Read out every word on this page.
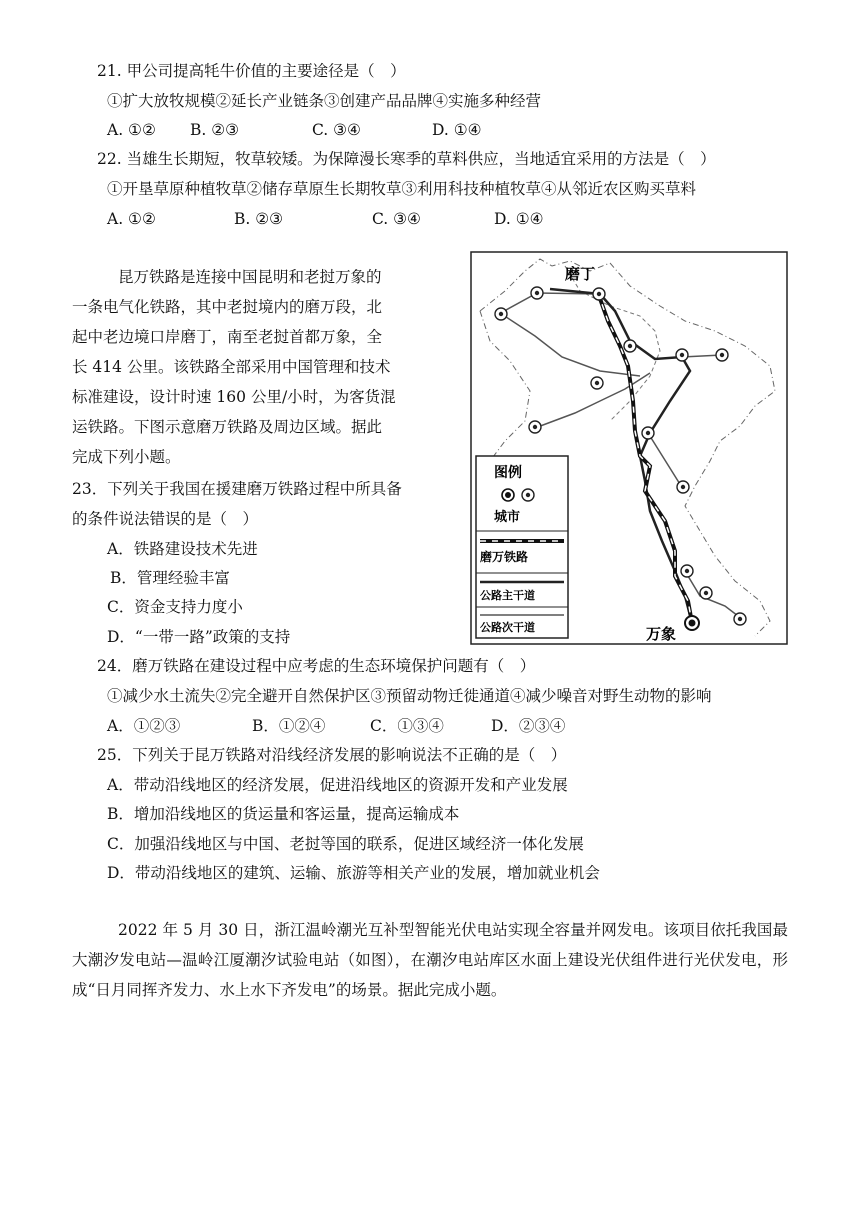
21. 甲公司提高牦牛价值的主要途径是（　）
①扩大放牧规模②延长产业链条③创建产品品牌④实施多种经营
A. ①② B. ②③	C. ③④	D. ①④
22. 当雄生长期短，牧草较矮。为保障漫长寒季的草料供应，当地适宜采用的方法是（　）
①开垦草原种植牧草②储存草原生长期牧草③利用科技种植牧草④从邻近农区购买草料
A. ①②	B. ②③	C. ③④	D. ①④

昆万铁路是连接中国昆明和老挝万象的

一条电气化铁路，其中老挝境内的磨万段，北

起中老边境口岸磨丁，南至老挝首都万象，全

长 414 公里。该铁路全部采用中国管理和技术

标准建设，设计时速 160 公里/小时，为客货混

运铁路。下图示意磨万铁路及周边区域。据此

完成下列小题。

磨丁
万象
图例
城市
磨万铁路
公路主干道
公路次干道
23．下列关于我国在援建磨万铁路过程中所具备
的条件说法错误的是（　）
A．铁路建设技术先进
B．管理经验丰富
C．资金支持力度小
D．“一带一路”政策的支持
24．磨万铁路在建设过程中应考虑的生态环境保护问题有（　）
①减少水土流失②完全避开自然保护区③预留动物迁徙通道④减少噪音对野生动物的影响
A．①②③	B．①②④	C．①③④	D．②③④
25．下列关于昆万铁路对沿线经济发展的影响说法不正确的是（　）
A．带动沿线地区的经济发展，促进沿线地区的资源开发和产业发展
B．增加沿线地区的货运量和客运量，提高运输成本
C．加强沿线地区与中国、老挝等国的联系，促进区域经济一体化发展
D．带动沿线地区的建筑、运输、旅游等相关产业的发展，增加就业机会
2022 年 5 月 30 日，浙江温岭潮光互补型智能光伏电站实现全容量并网发电。该项目依托我国最大潮汐发电站—温岭江厦潮汐试验电站（如图），在潮汐电站库区水面上建设光伏组件进行光伏发电，形成“日月同挥齐发力、水上水下齐发电”的场景。据此完成小题。
